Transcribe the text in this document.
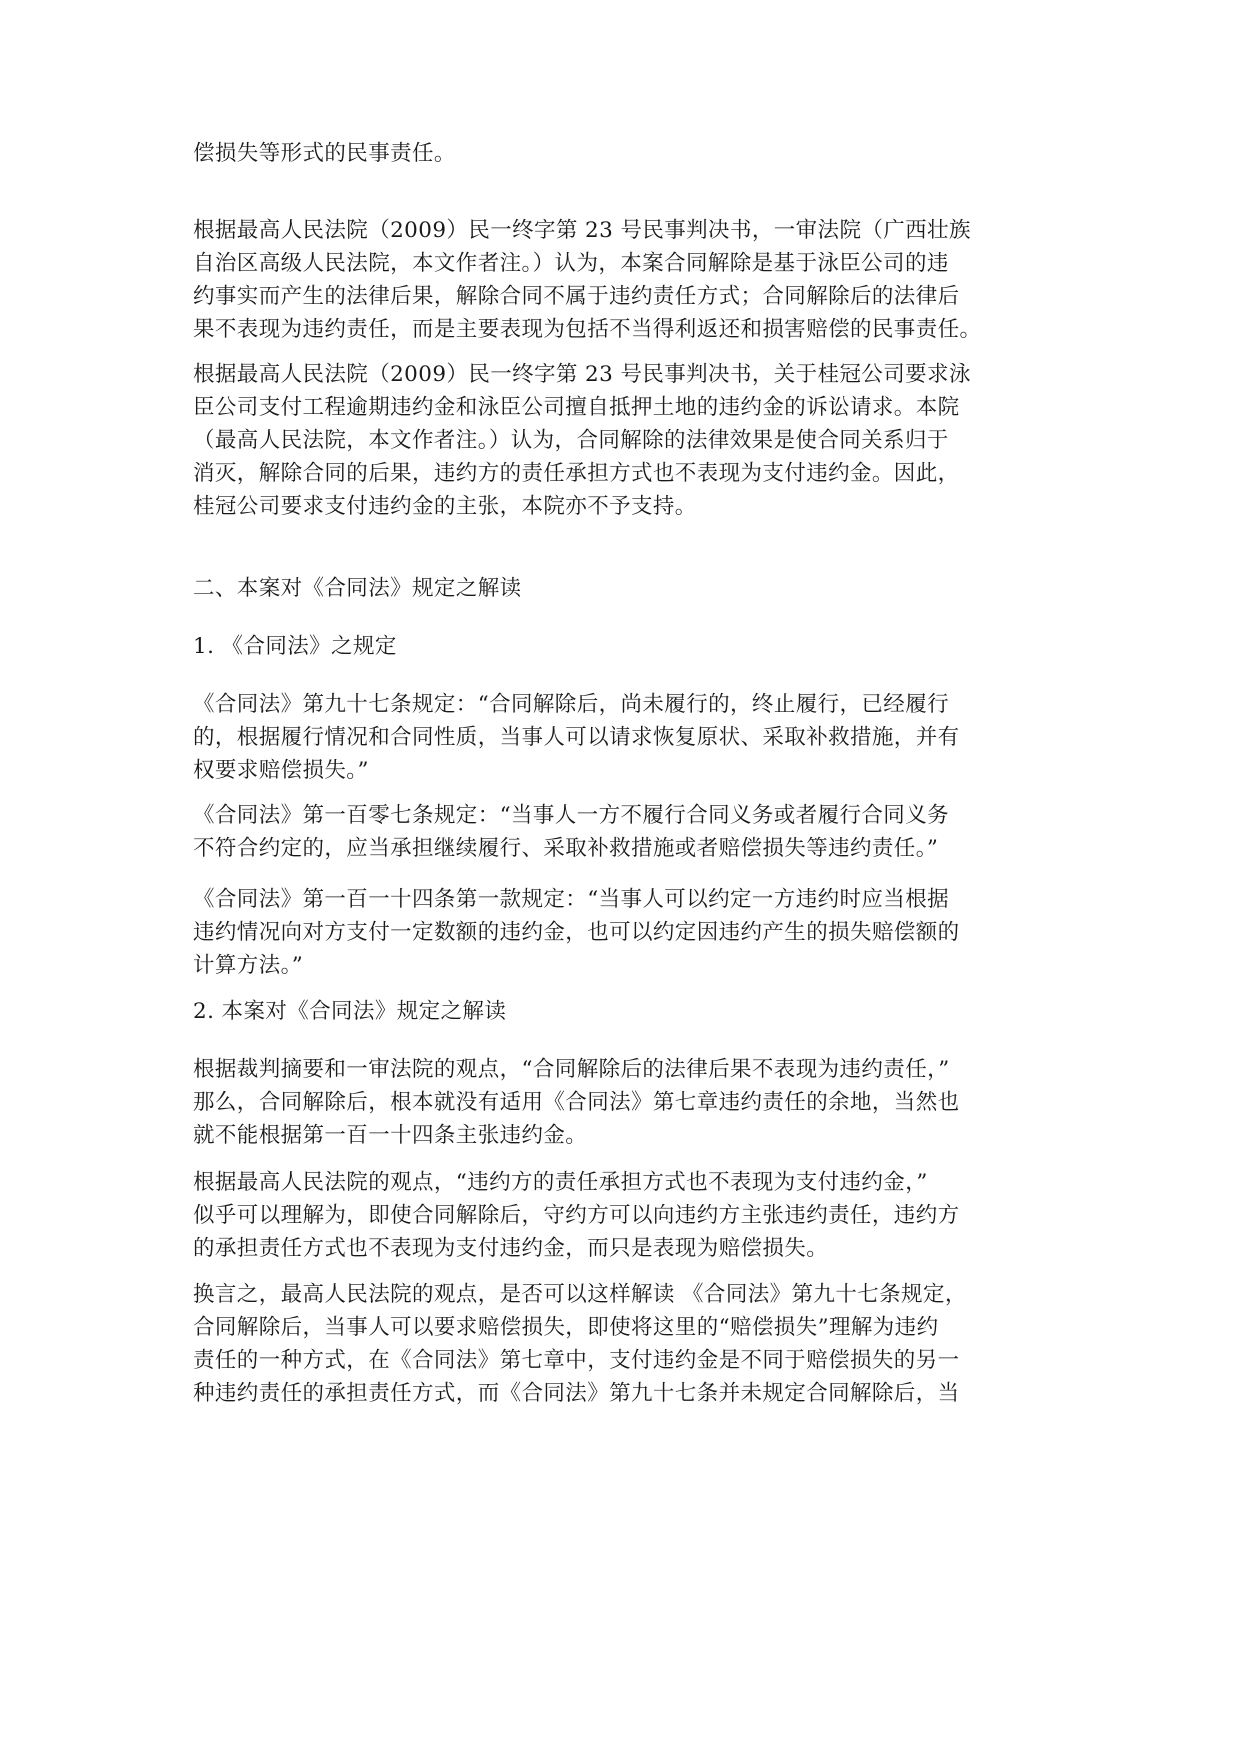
偿损失等形式的民事责任。

根据最高人民法院（2009）民一终字第 23 号民事判决书，一审法院（广西壮族
自治区高级人民法院，本文作者注。）认为，本案合同解除是基于泳臣公司的违
约事实而产生的法律后果，解除合同不属于违约责任方式；合同解除后的法律后
果不表现为违约责任，而是主要表现为包括不当得利返还和损害赔偿的民事责任。

根据最高人民法院（2009）民一终字第 23 号民事判决书，关于桂冠公司要求泳
臣公司支付工程逾期违约金和泳臣公司擅自抵押土地的违约金的诉讼请求。本院
（最高人民法院，本文作者注。）认为，合同解除的法律效果是使合同关系归于
消灭，解除合同的后果，违约方的责任承担方式也不表现为支付违约金。因此，
桂冠公司要求支付违约金的主张，本院亦不予支持。

二、本案对《合同法》规定之解读
1. 《合同法》之规定

《合同法》第九十七条规定：“合同解除后，尚未履行的，终止履行，已经履行
的，根据履行情况和合同性质，当事人可以请求恢复原状、采取补救措施，并有
权要求赔偿损失。”

《合同法》第一百零七条规定：“当事人一方不履行合同义务或者履行合同义务
不符合约定的，应当承担继续履行、采取补救措施或者赔偿损失等违约责任。”

《合同法》第一百一十四条第一款规定：“当事人可以约定一方违约时应当根据
违约情况向对方支付一定数额的违约金，也可以约定因违约产生的损失赔偿额的
计算方法。”

2. 本案对《合同法》规定之解读

根据裁判摘要和一审法院的观点，“合同解除后的法律后果不表现为违约责任，”
那么，合同解除后，根本就没有适用《合同法》第七章违约责任的余地，当然也
就不能根据第一百一十四条主张违约金。

根据最高人民法院的观点，“违约方的责任承担方式也不表现为支付违约金，”
似乎可以理解为，即使合同解除后，守约方可以向违约方主张违约责任，违约方
的承担责任方式也不表现为支付违约金，而只是表现为赔偿损失。

换言之，最高人民法院的观点，是否可以这样解读 《合同法》第九十七条规定，
合同解除后，当事人可以要求赔偿损失，即使将这里的“赔偿损失”理解为违约
责任的一种方式，在《合同法》第七章中，支付违约金是不同于赔偿损失的另一
种违约责任的承担责任方式，而《合同法》第九十七条并未规定合同解除后，当
